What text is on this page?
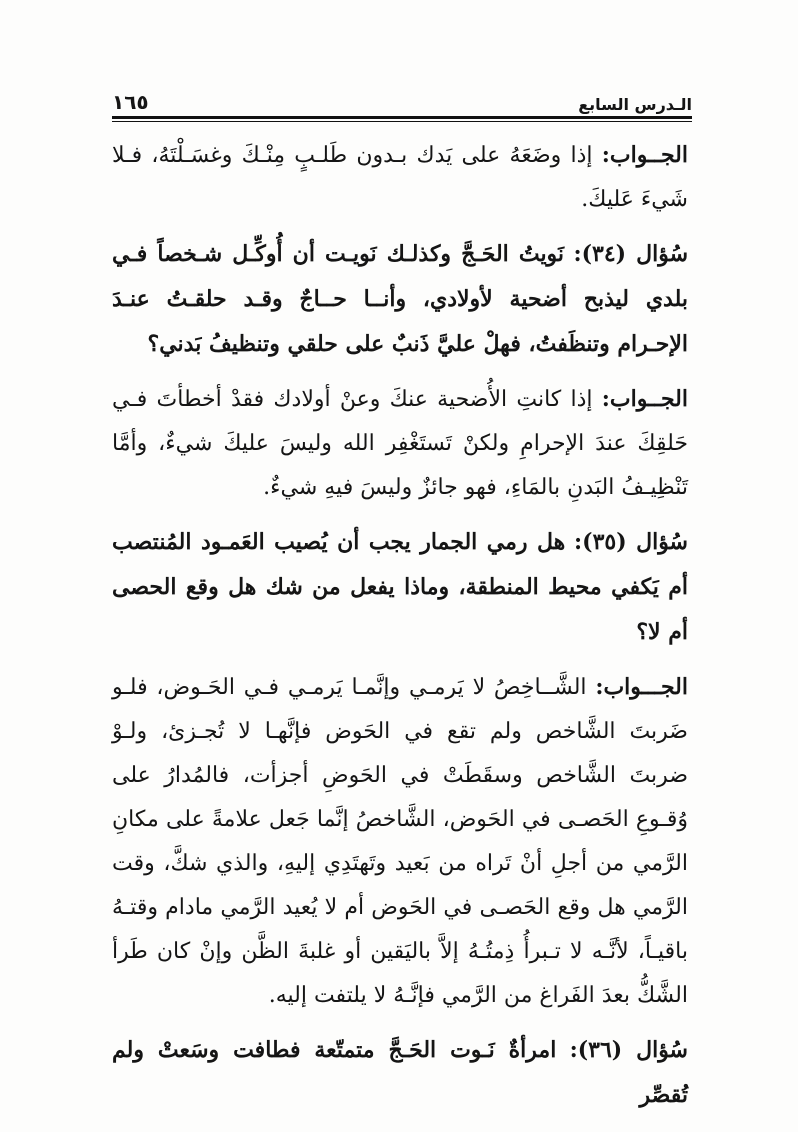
الـدرس السابع
١٦٥

الجــواب: إذا وضَعَهُ على يَدك بـدون طَلـبٍ مِنْـكَ وغسَـلْتَهُ، فـلا شَيءَ عَليكَ.

سُؤال (٣٤): نَويتُ الحَـجَّ وكذلـك نَويـت أن أُوكِّـل شـخصاً فـي بلدي ليذبح أضحية لأولادي، وأنــا حــاجٌ وقـد حلقـتُ عنـدَ الإحـرام وتنظَفتُ، فهلْ عليَّ ذَنبٌ على حلقي وتنظيفُ بَدني؟

الجــواب: إذا كانتِ الأُضحية عنكَ وعنْ أولادك فقدْ أخطأتَ فـي حَلقِكَ عندَ الإحرامِ ولكنْ تَستَغْفِر الله وليسَ عليكَ شيءٌ، وأمَّا تَنْظِيـفُ البَدنِ بالمَاءِ، فهو جائزٌ وليسَ فيهِ شيءٌ.

سُؤال (٣٥): هل رمي الجمار يجب أن يُصيب العَمـود المُنتصب أم يَكفي محيط المنطقة، وماذا يفعل من شك هل وقع الحصى أم لا؟

الجـــواب: الشَّــاخِصُ لا يَرمـي وإنَّمـا يَرمـي فـي الحَـوض، فلـو ضَربتَ الشَّاخص ولم تقع في الحَوض فإنَّهـا لا تُجـزئ، ولـوْ ضربتَ الشَّاخص وسقَطَتْ في الحَوضِ أجزأت، فالمُدارُ على وُقـوعِ الحَصـى في الحَوض، الشَّاخصُ إنَّما جَعل علامةً على مكانِ الرَّمي من أجلِ أنْ تَراه من بَعيد وتَهتَدِي إليهِ، والذي شكَّ، وقت الرَّمي هل وقع الحَصـى في الحَوض أم لا يُعيد الرَّمي مادام وقتـهُ باقيـاً، لأنَّـه لا تـبرأُ ذِمتُـهُ إلاَّ باليَقين أو غلبةَ الظَّن وإنْ كان طَرأ الشَّكُّ بعدَ الفَراغ من الرَّمي فإنَّـهُ لا يلتفت إليه.

سُؤال (٣٦): امرأةٌ نَـوت الحَـجَّ متمتّعة فطافت وسَعتْ ولم تُقصِّر
